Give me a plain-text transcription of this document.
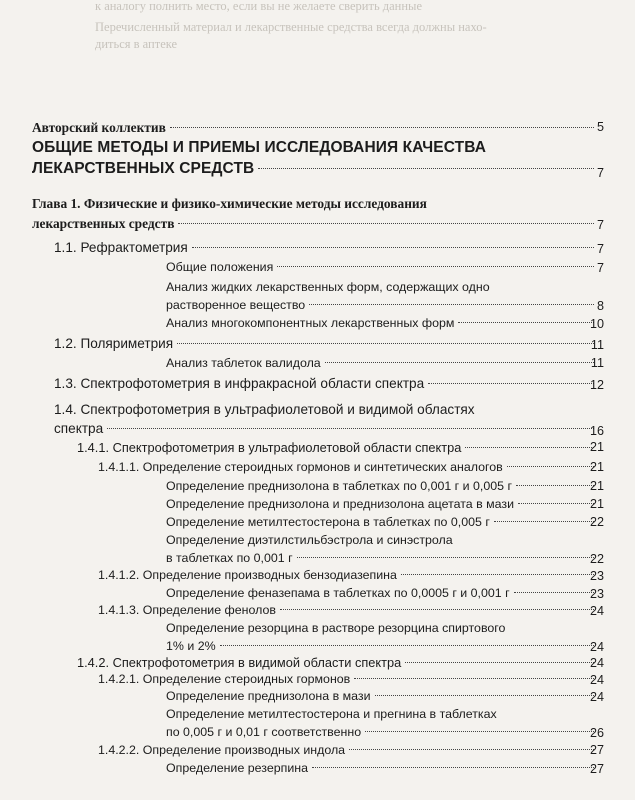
к аналогу полнить место, если вы не желаете сверить данные
Перечисленный материал и лекарственные средства всегда должны нахо-
диться в аптеке
Авторский коллектив	5
ОБЩИЕ МЕТОДЫ И ПРИЕМЫ ИССЛЕДОВАНИЯ КАЧЕСТВА
ЛЕКАРСТВЕННЫХ СРЕДСТВ	7
Глава 1. Физические и физико-химические методы исследования
лекарственных средств	7
1.1. Рефрактометрия	7
Общие положения	7
Анализ жидких лекарственных форм, содержащих одно
растворенное вещество	8
Анализ многокомпонентных лекарственных форм	10
1.2. Поляриметрия	11
Анализ таблеток валидола	11
1.3. Спектрофотометрия в инфракрасной области спектра	12
1.4. Спектрофотометрия в ультрафиолетовой и видимой областях
спектра	16
1.4.1. Спектрофотометрия в ультрафиолетовой области спектра	21
1.4.1.1. Определение стероидных гормонов и синтетических аналогов	21
Определение преднизолона в таблетках по 0,001 г и 0,005 г	21
Определение преднизолона и преднизолона ацетата в мази	21
Определение метилтестостерона в таблетках по 0,005 г	22
Определение диэтилстильбэстрола и синэстрола
в таблетках по 0,001 г	22
1.4.1.2. Определение производных бензодиазепина	23
Определение феназепама в таблетках по 0,0005 г и 0,001 г	23
1.4.1.3. Определение фенолов	24
Определение резорцина в растворе резорцина спиртового
1% и 2%	24
1.4.2. Спектрофотометрия в видимой области спектра	24
1.4.2.1. Определение стероидных гормонов	24
Определение преднизолона в мази	24
Определение метилтестостерона и прегнина в таблетках
по 0,005 г и 0,01 г соответственно	26
1.4.2.2. Определение производных индола	27
Определение резерпина	27
